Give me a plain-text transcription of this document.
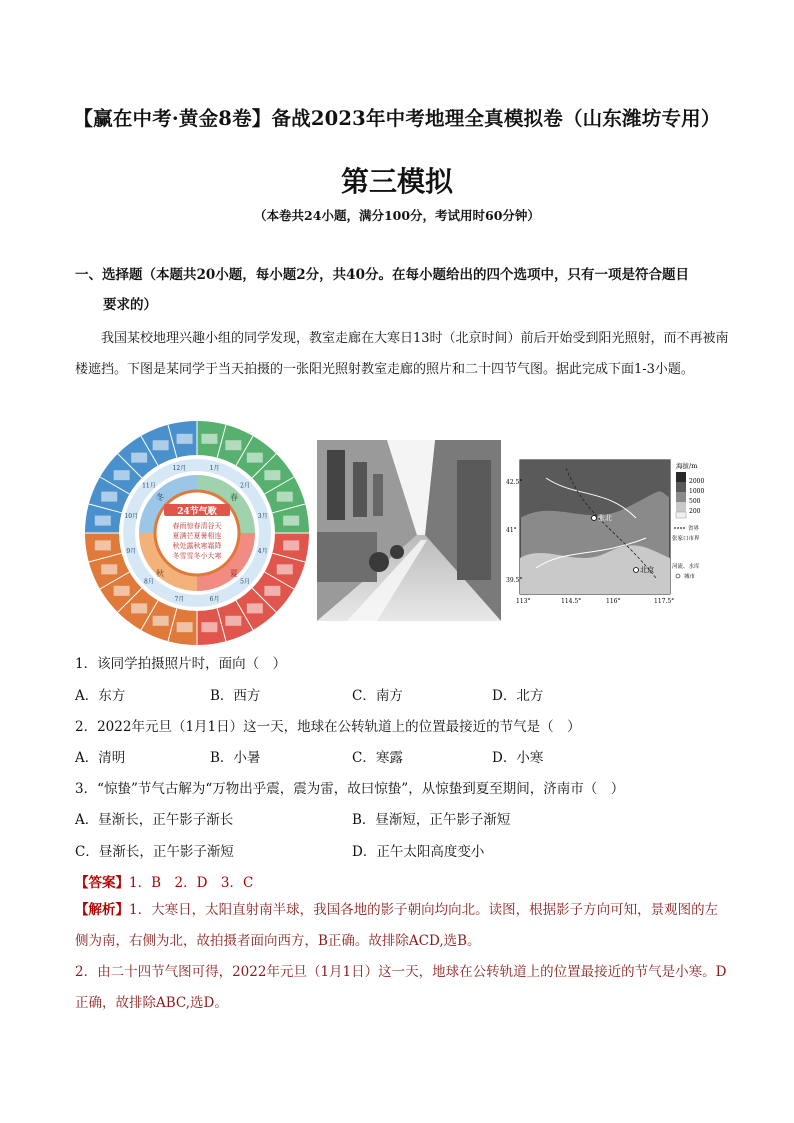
【赢在中考·黄金8卷】备战2023年中考地理全真模拟卷（山东潍坊专用）
第三模拟
（本卷共24小题，满分100分，考试用时60分钟）
一、选择题（本题共20小题，每小题2分，共40分。在每小题给出的四个选项中，只有一项是符合题目
要求的）
我国某校地理兴趣小组的同学发现，教室走廊在大寒日13时（北京时间）前后开始受到阳光照射，而不再被南楼遮挡。下图是某同学于当天拍摄的一张阳光照射教室走廊的照片和二十四节气图。据此完成下面1-3小题。
24节气歌
春雨惊春清谷天
夏满芒夏暑相连
秋处露秋寒霜降
冬雪雪冬小大寒
春
夏
秋
冬
1月
2月
3月
4月
5月
6月
7月
8月
9月
10月
11月
12月
张北
北京
42.5°
41°
39.5°
113°	114.5°	116°	117.5°
海拔/m
2000
1000
500
200
省界
张家口市界
河流、水库
城市
1．该同学拍摄照片时，面向（　）
A．东方	B．西方	C．南方	D．北方
2．2022年元旦（1月1日）这一天，地球在公转轨道上的位置最接近的节气是（　）
A．清明	B．小暑	C．寒露	D．小寒
3．“惊蛰”节气古解为“万物出乎震，震为雷，故曰惊蛰”，从惊蛰到夏至期间，济南市（　）
A．昼渐长，正午影子渐长	B．昼渐短，正午影子渐短
C．昼渐长，正午影子渐短	D．正午太阳高度变小
【答案】1．B　2．D　3．C
【解析】1．大寒日，太阳直射南半球，我国各地的影子朝向均向北。读图，根据影子方向可知，景观图的左侧为南，右侧为北，故拍摄者面向西方，B正确。故排除ACD,选B。
2．由二十四节气图可得，2022年元旦（1月1日）这一天，地球在公转轨道上的位置最接近的节气是小寒。D正确，故排除ABC,选D。
